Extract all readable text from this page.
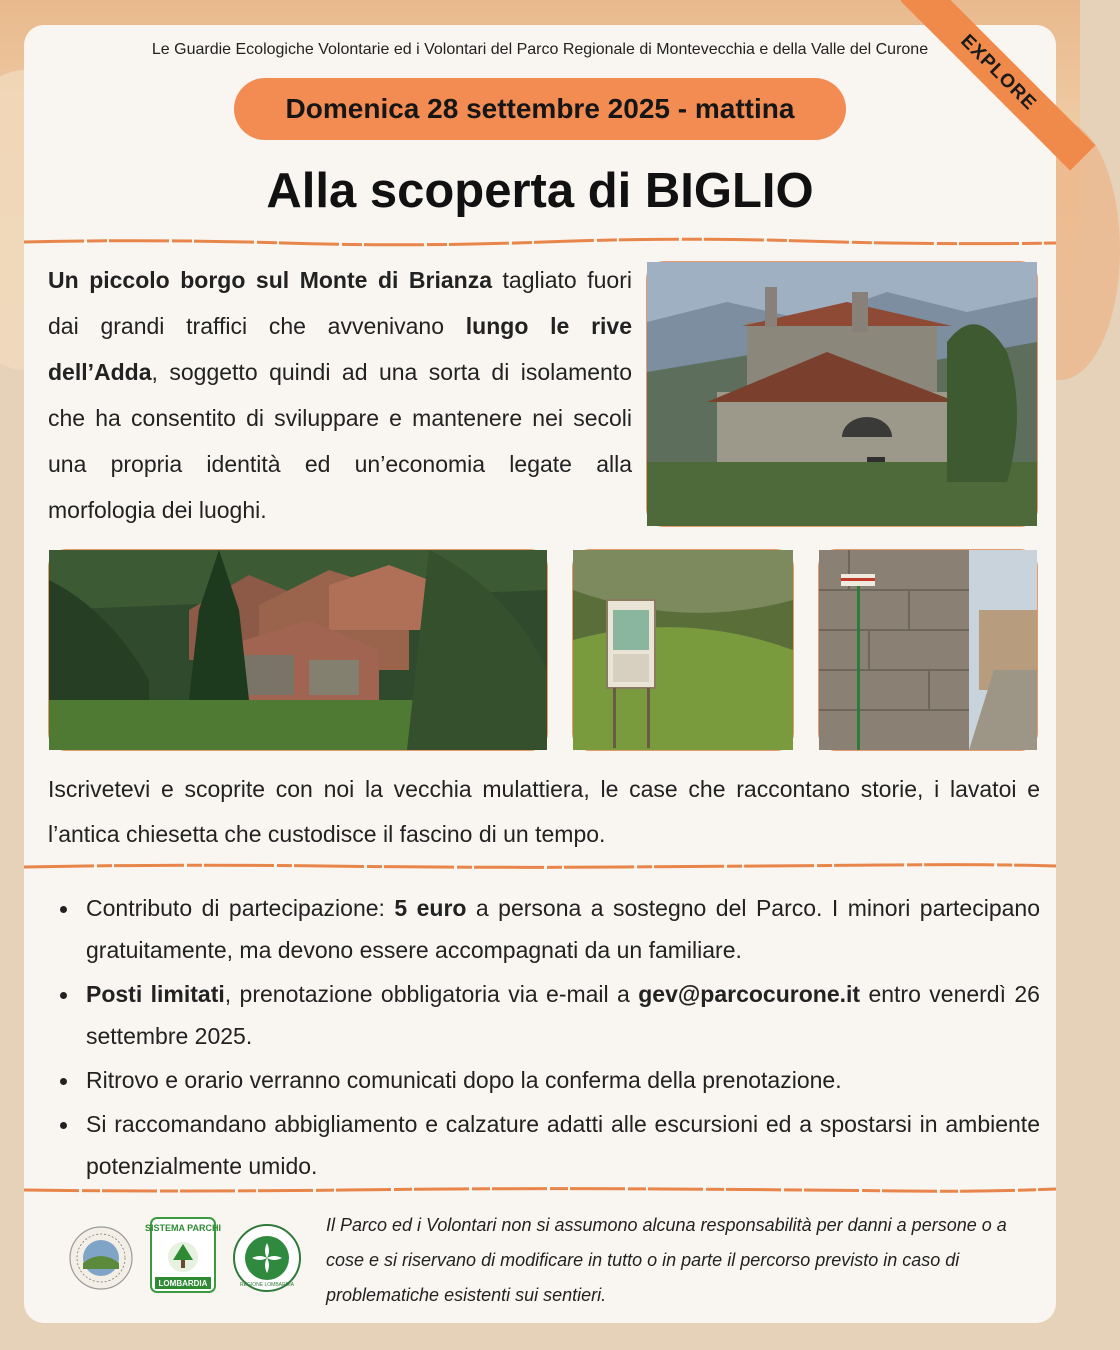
EXPLORE
Le Guardie Ecologiche Volontarie ed i Volontari del Parco Regionale di Montevecchia e della Valle del Curone
Domenica 28 settembre 2025 - mattina
Alla scoperta di BIGLIO
Un piccolo borgo sul Monte di Brianza tagliato fuori dai grandi traffici che avvenivano lungo le rive dell’Adda, soggetto quindi ad una sorta di isolamento che ha consentito di sviluppare e mantenere nei secoli una propria identità ed un’economia legate alla morfologia dei luoghi.
Iscrivetevi e scoprite con noi la vecchia mulattiera, le case che raccontano storie, i lavatoi e l’antica chiesetta che custodisce il fascino di un tempo.
Contributo di partecipazione: 5 euro a persona a sostegno del Parco. I minori partecipano gratuitamente, ma devono essere accompagnati da un familiare.
Posti limitati, prenotazione obbligatoria via e-mail a gev@parcocurone.it entro venerdì 26 settembre 2025.
Ritrovo e orario verranno comunicati dopo la conferma della prenotazione.
Si raccomandano abbigliamento e calzature adatti alle escursioni ed a spostarsi in ambiente potenzialmente umido.
SISTEMA PARCHI
LOMBARDIA	REGIONE LOMBARDIA
Il Parco ed i Volontari non si assumono alcuna responsabilità per danni a persone o a cose e si riservano di modificare in tutto o in parte il percorso previsto in caso di problematiche esistenti sui sentieri.
